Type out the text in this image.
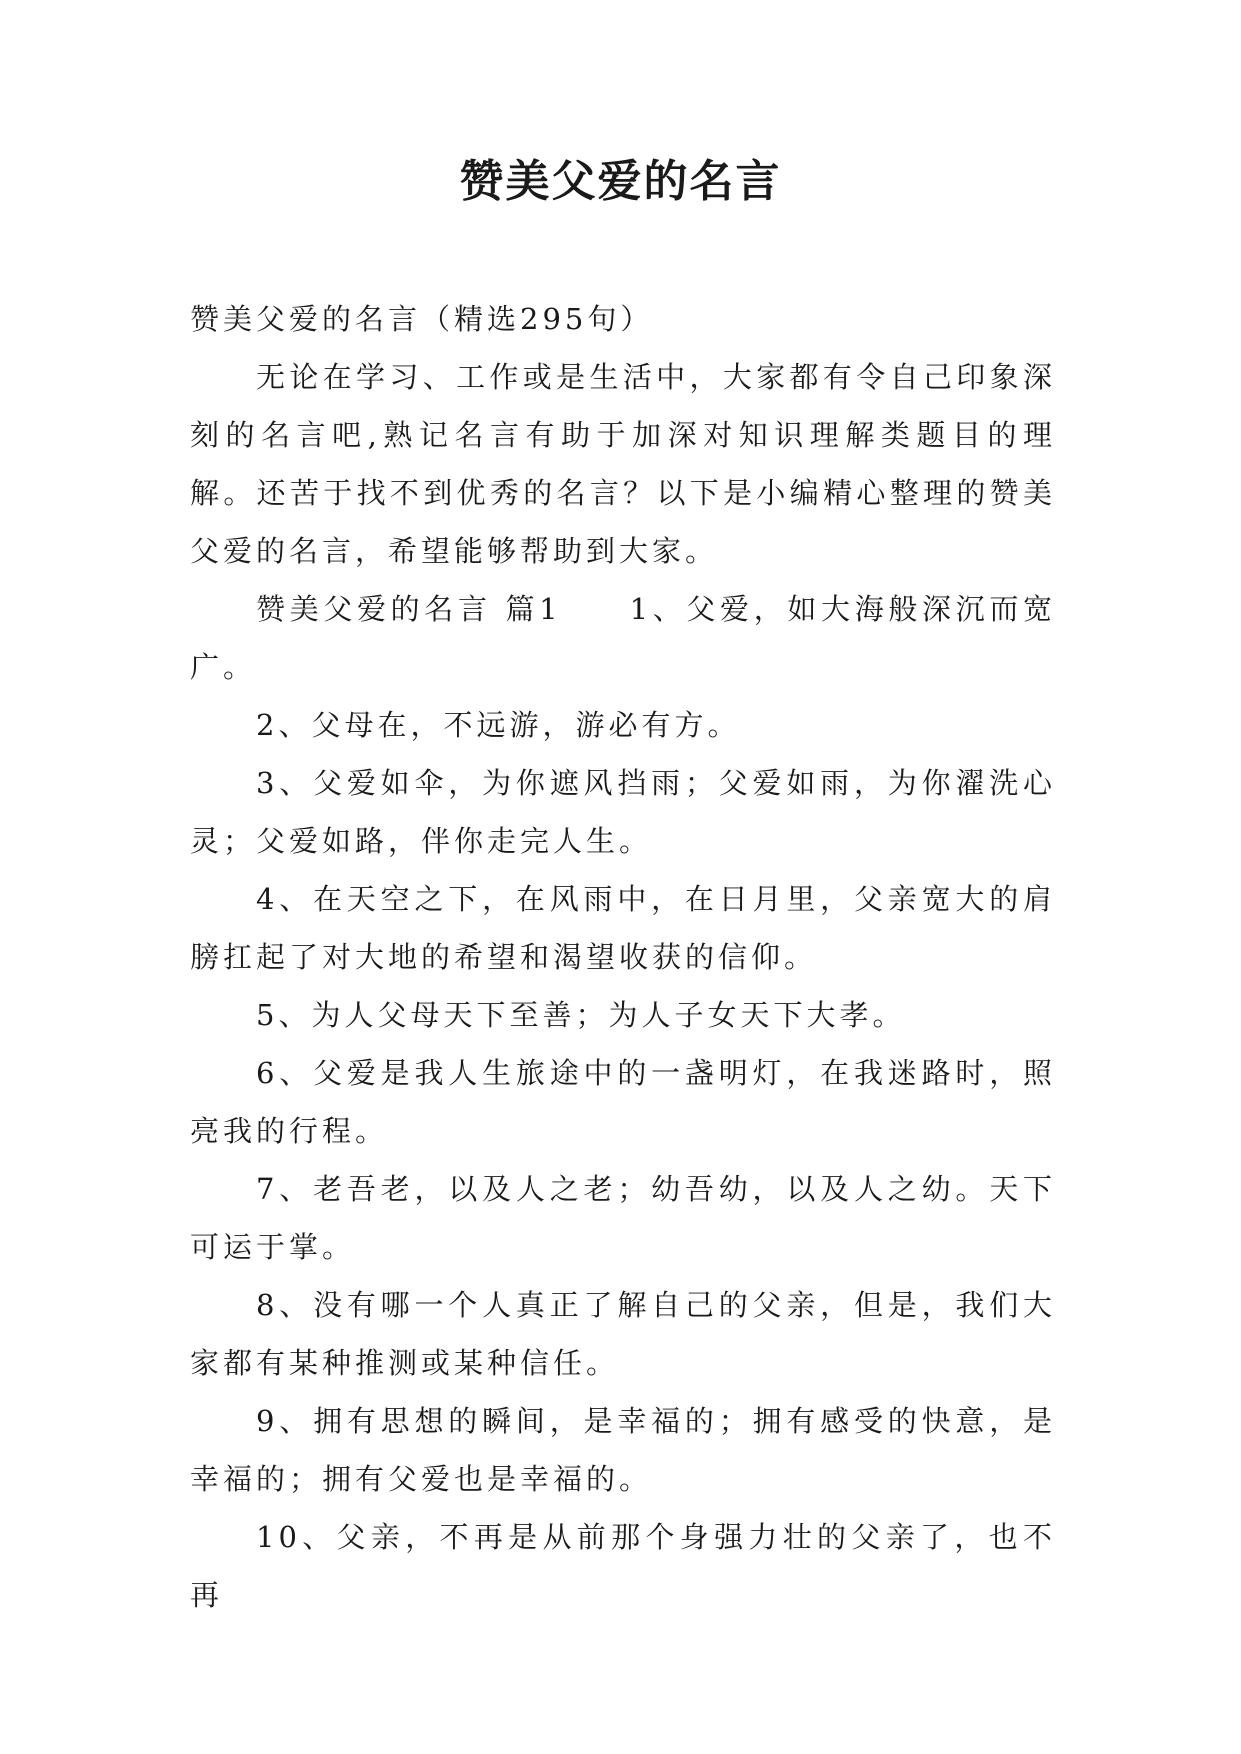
赞美父爱的名言

赞美父爱的名言（精选295句）

无论在学习、工作或是生活中，大家都有令自己印象深刻的名言吧,熟记名言有助于加深对知识理解类题目的理解。还苦于找不到优秀的名言？以下是小编精心整理的赞美父爱的名言，希望能够帮助到大家。

赞美父爱的名言 篇1　　1、父爱，如大海般深沉而宽广。

2、父母在，不远游，游必有方。

3、父爱如伞，为你遮风挡雨；父爱如雨，为你濯洗心灵；父爱如路，伴你走完人生。

4、在天空之下，在风雨中，在日月里，父亲宽大的肩膀扛起了对大地的希望和渴望收获的信仰。

5、为人父母天下至善；为人子女天下大孝。

6、父爱是我人生旅途中的一盏明灯，在我迷路时，照亮我的行程。

7、老吾老，以及人之老；幼吾幼，以及人之幼。天下可运于掌。

8、没有哪一个人真正了解自己的父亲，但是，我们大家都有某种推测或某种信任。

9、拥有思想的瞬间，是幸福的；拥有感受的快意，是幸福的；拥有父爱也是幸福的。

10、父亲，不再是从前那个身强力壮的父亲了，也不再
